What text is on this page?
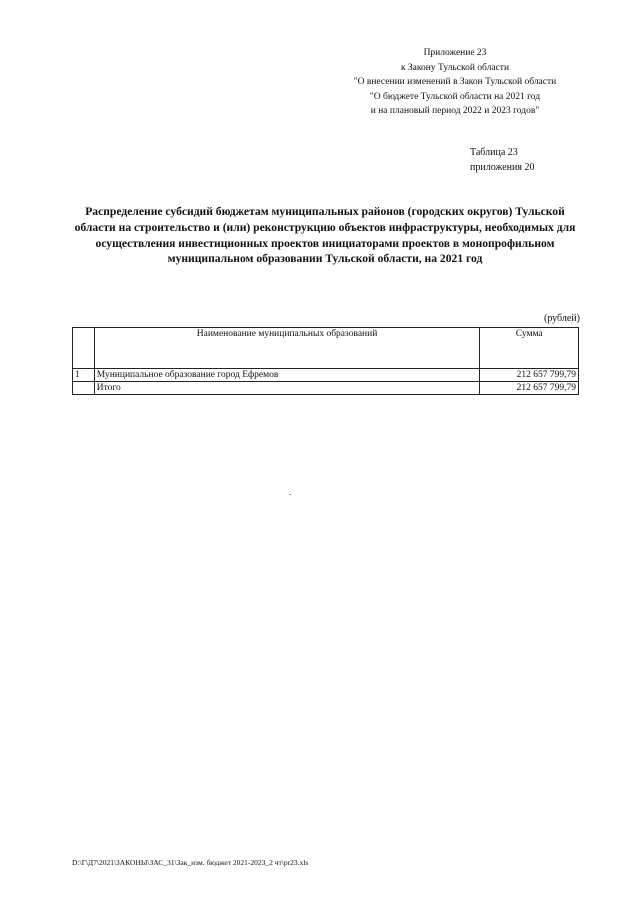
Приложение 23
к Закону Тульской области
"О внесении изменений в Закон Тульской области
"О бюджете Тульской области на 2021 год
и на плановый период 2022 и 2023 годов"
Таблица 23
приложения 20
Распределение субсидий бюджетам муниципальных районов (городских округов) Тульской области на строительство и (или) реконструкцию объектов инфраструктуры, необходимых для осуществления инвестиционных проектов инициаторами проектов в монопрофильном муниципальном образовании Тульской области, на 2021 год
(рублей)
	Наименование муниципальных образований	Сумма
1	Муниципальное образование город Ефремов	212 657 799,79
	Итого	212 657 799,79
D:\Г\Д7\2021\ЗАКОНЫ\ЗАС_31\Зак_изм. бюджет 2021-2023_2 чт\pr23.xls
